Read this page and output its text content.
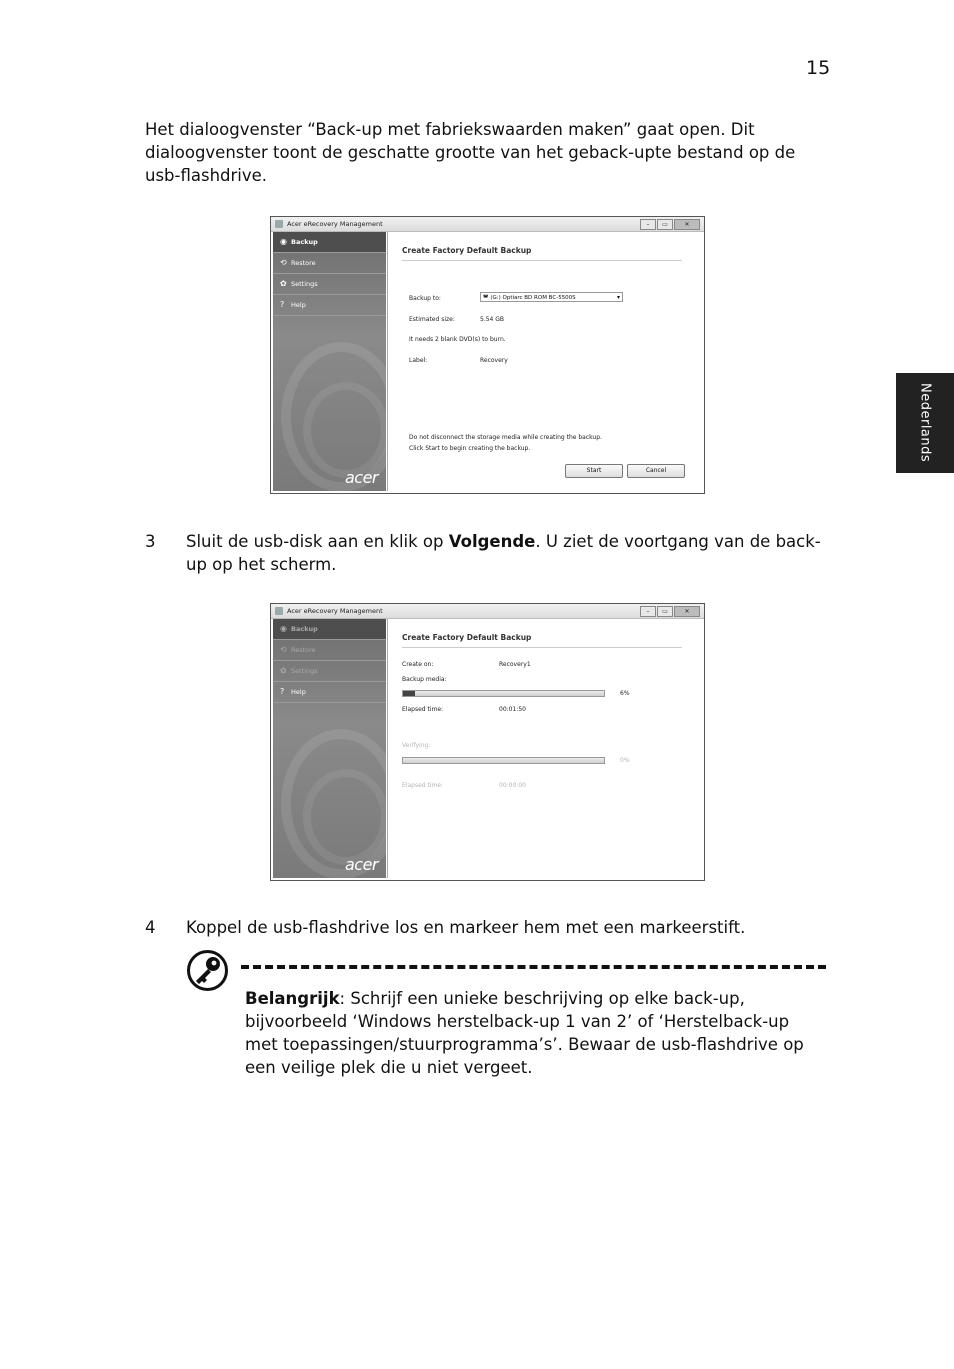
15
Nederlands
Het dialoogvenster “Back-up met fabriekswaarden maken” gaat open. Dit dialoogvenster toont de geschatte grootte van het geback-upte bestand op de usb-flashdrive.
Acer eRecovery Management	–	▭	✕
◉ Backup
⟲ Restore
✿ Settings
? Help
acer
Create Factory Default Backup
Backup to:	◚ (G:) Optiarc BD ROM BC-5500S	▾
Estimated size:	5.54 GB
It needs 2 blank DVD(s) to burn.
Label:	Recovery
Do not disconnect the storage media while creating the backup.
Click Start to begin creating the backup.
Start	Cancel
3 Sluit de usb-disk aan en klik op Volgende. U ziet de voortgang van de back-up op het scherm.
Acer eRecovery Management	–	▭	✕
◉ Backup
⟲ Restore
✿ Settings
? Help
acer
Create Factory Default Backup
Create on:	Recovery1
Backup media:
6%
Elapsed time:	00:01:50
Verifying:
0%
Elapsed time:	00:00:00
4 Koppel de usb-flashdrive los en markeer hem met een markeerstift.
Belangrijk: Schrijf een unieke beschrijving op elke back-up, bijvoorbeeld ‘Windows herstelback-up 1 van 2’ of ‘Herstelback-up met toepassingen/stuurprogramma’s’. Bewaar de usb-flashdrive op een veilige plek die u niet vergeet.
